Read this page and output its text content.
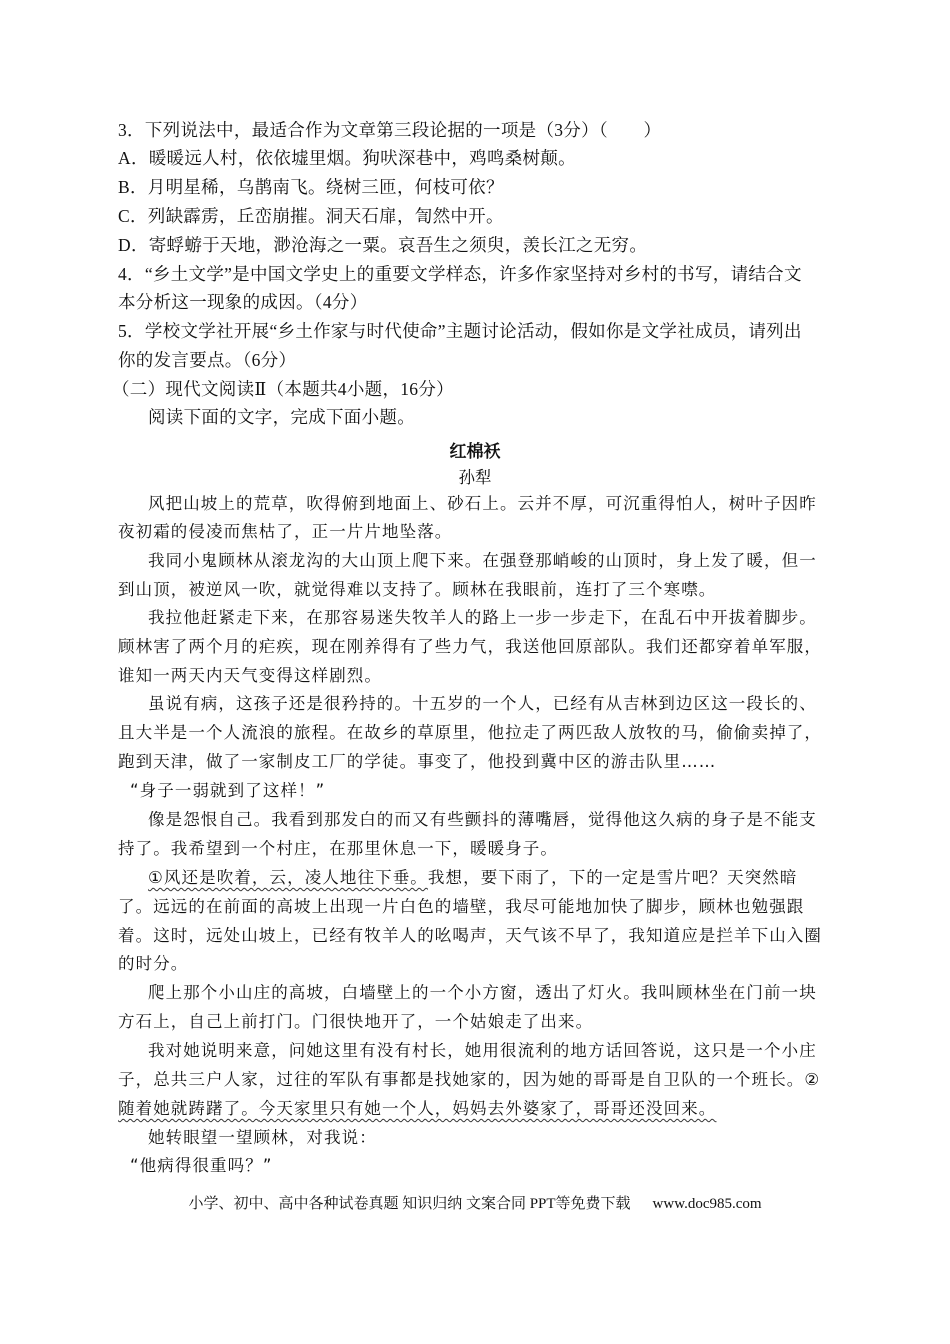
3．下列说法中，最适合作为文章第三段论据的一项是（3分）（　　）
A．暖暖远人村，依依墟里烟。狗吠深巷中，鸡鸣桑树颠。
B．月明星稀，乌鹊南飞。绕树三匝，何枝可依？
C．列缺霹雳，丘峦崩摧。洞天石扉，訇然中开。
D．寄蜉蝣于天地，渺沧海之一粟。哀吾生之须臾，羡长江之无穷。
4．“乡土文学”是中国文学史上的重要文学样态，许多作家坚持对乡村的书写，请结合文
本分析这一现象的成因。（4分）
5．学校文学社开展“乡土作家与时代使命”主题讨论活动，假如你是文学社成员，请列出
你的发言要点。（6分）
（二）现代文阅读Ⅱ（本题共4小题，16分）
阅读下面的文字，完成下面小题。
红棉袄
孙犁
风把山坡上的荒草，吹得俯到地面上、砂石上。云并不厚，可沉重得怕人，树叶子因昨
夜初霜的侵凌而焦枯了，正一片片地坠落。
我同小鬼顾林从滚龙沟的大山顶上爬下来。在强登那峭峻的山顶时，身上发了暖，但一
到山顶，被逆风一吹，就觉得难以支持了。顾林在我眼前，连打了三个寒噤。
我拉他赶紧走下来，在那容易迷失牧羊人的路上一步一步走下，在乱石中开拔着脚步。
顾林害了两个月的疟疾，现在刚养得有了些力气，我送他回原部队。我们还都穿着单军服，
谁知一两天内天气变得这样剧烈。
虽说有病，这孩子还是很矜持的。十五岁的一个人，已经有从吉林到边区这一段长的、
且大半是一个人流浪的旅程。在故乡的草原里，他拉走了两匹敌人放牧的马，偷偷卖掉了，
跑到天津，做了一家制皮工厂的学徒。事变了，他投到冀中区的游击队里……
“身子一弱就到了这样！”
像是怨恨自己。我看到那发白的而又有些颤抖的薄嘴唇，觉得他这久病的身子是不能支
持了。我希望到一个村庄，在那里休息一下，暖暖身子。
①风还是吹着，云，凌人地往下垂。我想，要下雨了，下的一定是雪片吧？天突然暗
了。远远的在前面的高坡上出现一片白色的墙壁，我尽可能地加快了脚步，顾林也勉强跟
着。这时，远处山坡上，已经有牧羊人的吆喝声，天气该不早了，我知道应是拦羊下山入圈
的时分。
爬上那个小山庄的高坡，白墙壁上的一个小方窗，透出了灯火。我叫顾林坐在门前一块
方石上，自己上前打门。门很快地开了，一个姑娘走了出来。
我对她说明来意，问她这里有没有村长，她用很流利的地方话回答说，这只是一个小庄
子，总共三户人家，过往的军队有事都是找她家的，因为她的哥哥是自卫队的一个班长。②
随着她就踌躇了。今天家里只有她一个人，妈妈去外婆家了，哥哥还没回来。
她转眼望一望顾林，对我说：
“他病得很重吗？”
小学、初中、高中各种试卷真题 知识归纳 文案合同 PPT等免费下载 www.doc985.com
